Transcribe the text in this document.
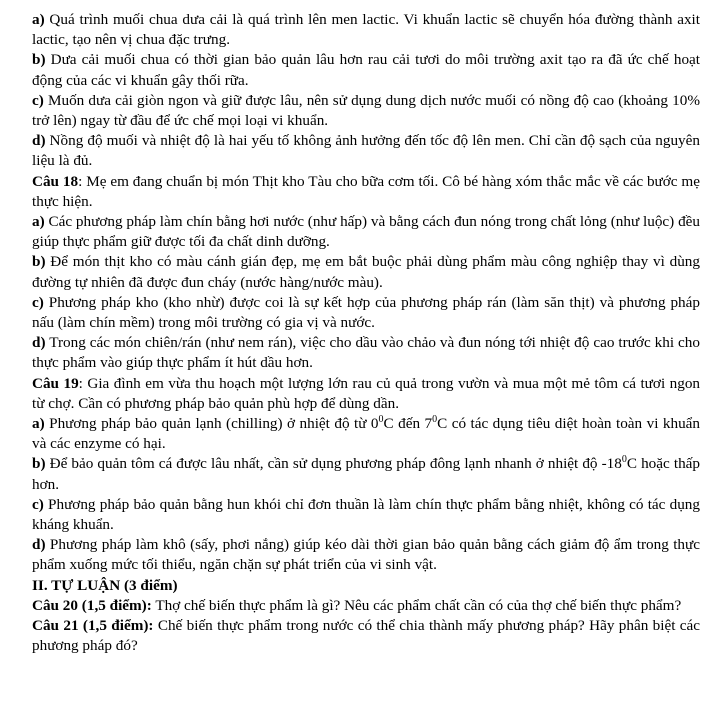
a) Quá trình muối chua dưa cải là quá trình lên men lactic. Vi khuẩn lactic sẽ chuyển hóa đường thành axit lactic, tạo nên vị chua đặc trưng.

b) Dưa cải muối chua có thời gian bảo quản lâu hơn rau cải tươi do môi trường axit tạo ra đã ức chế hoạt động của các vi khuẩn gây thối rữa.

c) Muốn dưa cải giòn ngon và giữ được lâu, nên sử dụng dung dịch nước muối có nồng độ cao (khoảng 10% trở lên) ngay từ đầu để ức chế mọi loại vi khuẩn.

d) Nồng độ muối và nhiệt độ là hai yếu tố không ảnh hưởng đến tốc độ lên men. Chỉ cần độ sạch của nguyên liệu là đủ.

Câu 18: Mẹ em đang chuẩn bị món Thịt kho Tàu cho bữa cơm tối. Cô bé hàng xóm thắc mắc về các bước mẹ thực hiện.

a) Các phương pháp làm chín bằng hơi nước (như hấp) và bằng cách đun nóng trong chất lỏng (như luộc) đều giúp thực phẩm giữ được tối đa chất dinh dưỡng.

b) Để món thịt kho có màu cánh gián đẹp, mẹ em bắt buộc phải dùng phẩm màu công nghiệp thay vì dùng đường tự nhiên đã được đun cháy (nước hàng/nước màu).

c) Phương pháp kho (kho nhừ) được coi là sự kết hợp của phương pháp rán (làm săn thịt) và phương pháp nấu (làm chín mềm) trong môi trường có gia vị và nước.

d) Trong các món chiên/rán (như nem rán), việc cho dầu vào chảo và đun nóng tới nhiệt độ cao trước khi cho thực phẩm vào giúp thực phẩm ít hút dầu hơn.

Câu 19: Gia đình em vừa thu hoạch một lượng lớn rau củ quả trong vườn và mua một mẻ tôm cá tươi ngon từ chợ. Cần có phương pháp bảo quản phù hợp để dùng dần.

a) Phương pháp bảo quản lạnh (chilling) ở nhiệt độ từ $0^0C$ đến $7^0C$ có tác dụng tiêu diệt hoàn toàn vi khuẩn và các enzyme có hại.

b) Để bảo quản tôm cá được lâu nhất, cần sử dụng phương pháp đông lạnh nhanh ở nhiệt độ $-18^0C$ hoặc thấp hơn.

c) Phương pháp bảo quản bằng hun khói chỉ đơn thuần là làm chín thực phẩm bằng nhiệt, không có tác dụng kháng khuẩn.

d) Phương pháp làm khô (sấy, phơi nắng) giúp kéo dài thời gian bảo quản bằng cách giảm độ ẩm trong thực phẩm xuống mức tối thiểu, ngăn chặn sự phát triển của vi sinh vật.

II. TỰ LUẬN (3 điểm)

Câu 20 (1,5 điểm): Thợ chế biến thực phẩm là gì? Nêu các phẩm chất cần có của thợ chế biến thực phẩm?

Câu 21 (1,5 điểm): Chế biến thực phẩm trong nước có thể chia thành mấy phương pháp? Hãy phân biệt các phương pháp đó?
